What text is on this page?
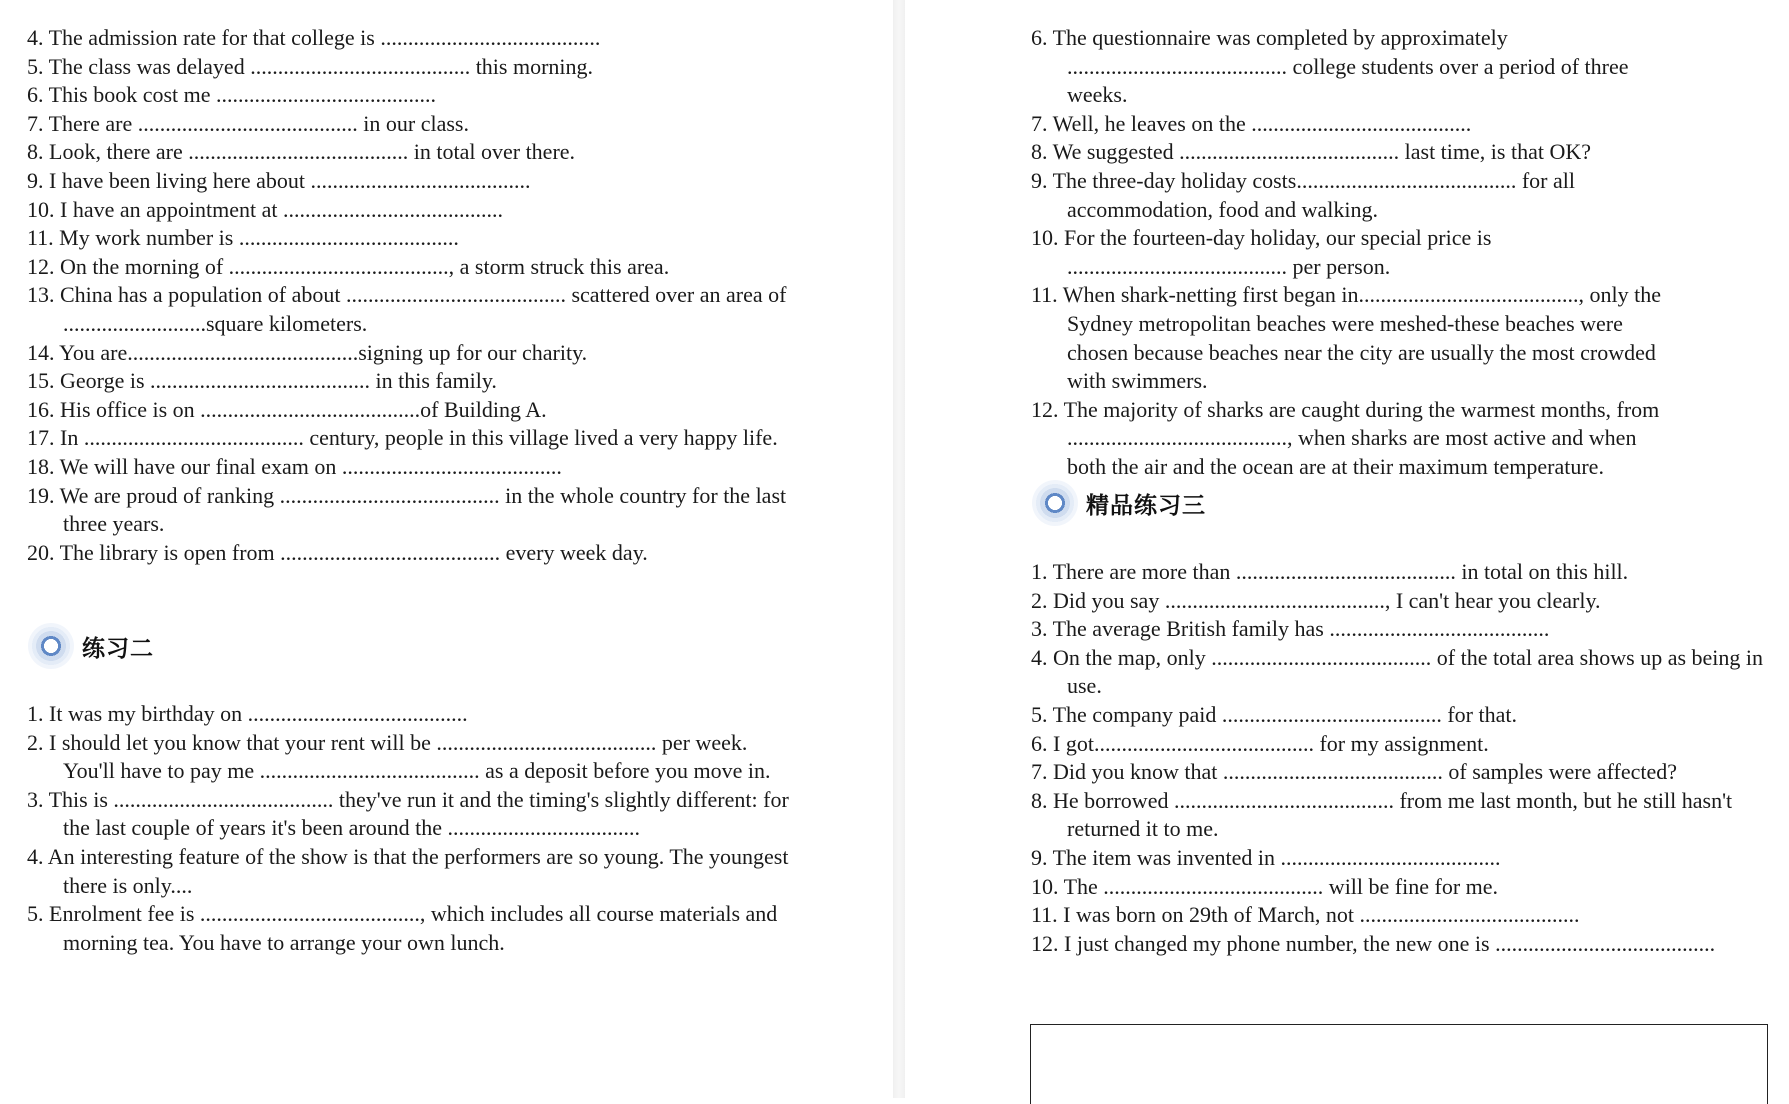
4. The admission rate for that college is ........................................
5. The class was delayed ........................................ this morning.
6. This book cost me ........................................
7. There are ........................................ in our class.
8. Look, there are ........................................ in total over there.
9. I have been living here about ........................................
10. I have an appointment at ........................................
11. My work number is ........................................
12. On the morning of ........................................, a storm struck this area.
13. China has a population of about ........................................ scattered over an area of ..........................square kilometers.
14. You are..........................................signing up for our charity.
15. George is ........................................ in this family.
16. His office is on ........................................of Building A.
17. In ........................................ century, people in this village lived a very happy life.
18. We will have our final exam on ........................................
19. We are proud of ranking ........................................ in the whole country for the last three years.
20. The library is open from ........................................ every week day.
练习二
1. It was my birthday on ........................................
2. I should let you know that your rent will be ........................................ per week. You'll have to pay me ........................................ as a deposit before you move in.
3. This is ........................................ they've run it and the timing's slightly different: for the last couple of years it's been around the ...................................
4. An interesting feature of the show is that the performers are so young. The youngest there is only....
5. Enrolment fee is ........................................, which includes all course materials and morning tea. You have to arrange your own lunch.
6. The questionnaire was completed by approximately ........................................ college students over a period of three weeks.
7. Well, he leaves on the ........................................
8. We suggested ........................................ last time, is that OK?
9. The three-day holiday costs........................................ for all accommodation, food and walking.
10. For the fourteen-day holiday, our special price is ........................................ per person.
11. When shark-netting first began in........................................, only the Sydney metropolitan beaches were meshed-these beaches were chosen because beaches near the city are usually the most crowded with swimmers.
12. The majority of sharks are caught during the warmest months, from ........................................, when sharks are most active and when both the air and the ocean are at their maximum temperature.
精品练习三
1. There are more than ........................................ in total on this hill.
2. Did you say ........................................, I can't hear you clearly.
3. The average British family has ........................................
4. On the map, only ........................................ of the total area shows up as being in use.
5. The company paid ........................................ for that.
6. I got........................................ for my assignment.
7. Did you know that ........................................ of samples were affected?
8. He borrowed ........................................ from me last month, but he still hasn't returned it to me.
9. The item was invented in ........................................
10. The ........................................ will be fine for me.
11. I was born on 29th of March, not ........................................
12. I just changed my phone number, the new one is ........................................
